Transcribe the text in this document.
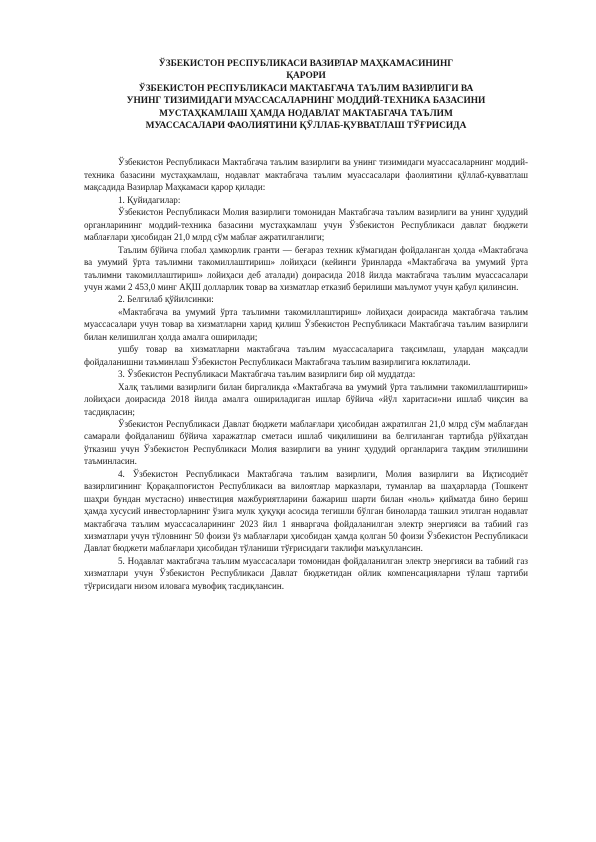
ЎЗБЕКИСТОН РЕСПУБЛИКАСИ ВАЗИРЛАР МАҲКАМАСИНИНГ
ҚАРОРИ
ЎЗБЕКИСТОН РЕСПУБЛИКАСИ МАКТАБГАЧА ТАЪЛИМ ВАЗИРЛИГИ ВА
УНИНГ ТИЗИМИДАГИ МУАССАСАЛАРНИНГ МОДДИЙ-ТЕХНИКА БАЗАСИНИ
МУСТАҲКАМЛАШ ҲАМДА НОДАВЛАТ МАКТАБГАЧА ТАЪЛИМ
МУАССАСАЛАРИ ФАОЛИЯТИНИ ҚЎЛЛАБ-ҚУВВАТЛАШ ТЎҒРИСИДА

Ўзбекистон Республикаси Мактабгача таълим вазирлиги ва унинг тизимидаги муассасаларнинг моддий-техника базасини мустаҳкамлаш, нодавлат мактабгача таълим муассасалари фаолиятини қўллаб-қувватлаш мақсадида Вазирлар Маҳкамаси қарор қилади:

1. Қуйидагилар:

Ўзбекистон Республикаси Молия вазирлиги томонидан Мактабгача таълим вазирлиги ва унинг ҳудудий органларининг моддий-техника базасини мустаҳкамлаш учун Ўзбекистон Республикаси давлат бюджети маблағлари ҳисобидан 21,0 млрд сўм маблағ ажратилганлиги;

Таълим бўйича глобал ҳамкорлик гранти — беғараз техник кўмагидан фойдаланган ҳолда «Мактабгача ва умумий ўрта таълимни такомиллаштириш» лойиҳаси (кейинги ўринларда «Мактабгача ва умумий ўрта таълимни такомиллаштириш» лойиҳаси деб аталади) доирасида 2018 йилда мактабгача таълим муассасалари учун жами 2 453,0 минг АҚШ долларлик товар ва хизматлар етказиб берилиши маълумот учун қабул қилинсин.

2. Белгилаб қўйилсинки:

«Мактабгача ва умумий ўрта таълимни такомиллаштириш» лойиҳаси доирасида мактабгача таълим муассасалари учун товар ва хизматларни харид қилиш Ўзбекистон Республикаси Мактабгача таълим вазирлиги билан келишилган ҳолда амалга оширилади;

ушбу товар ва хизматларни мактабгача таълим муассасаларига тақсимлаш, улардан мақсадли фойдаланишни таъминлаш Ўзбекистон Республикаси Мактабгача таълим вазирлигига юклатилади.

3. Ўзбекистон Республикаси Мактабгача таълим вазирлиги бир ой муддатда:

Халқ таълими вазирлиги билан биргаликда «Мактабгача ва умумий ўрта таълимни такомиллаштириш» лойиҳаси доирасида 2018 йилда амалга ошириладиган ишлар бўйича «йўл харитаси»ни ишлаб чиқсин ва тасдиқласин;

Ўзбекистон Республикаси Давлат бюджети маблағлари ҳисобидан ажратилган 21,0 млрд сўм маблағдан самарали фойдаланиш бўйича харажатлар сметаси ишлаб чиқилишини ва белгиланган тартибда рўйхатдан ўтказиш учун Ўзбекистон Республикаси Молия вазирлиги ва унинг ҳудудий органларига тақдим этилишини таъминласин.

4. Ўзбекистон Республикаси Мактабгача таълим вазирлиги, Молия вазирлиги ва Иқтисодиёт вазирлигининг Қорақалпоғистон Республикаси ва вилоятлар марказлари, туманлар ва шаҳарларда (Тошкент шаҳри бундан мустасно) инвестиция мажбуриятларини бажариш шарти билан «ноль» қийматда бино бериш ҳамда хусусий инвесторларнинг ўзига мулк ҳуқуқи асосида тегишли бўлган биноларда ташкил этилган нодавлат мактабгача таълим муассасаларининг 2023 йил 1 январгача фойдаланилган электр энергияси ва табиий газ хизматлари учун тўловнинг 50 фоизи ўз маблағлари ҳисобидан ҳамда қолган 50 фоизи Ўзбекистон Республикаси Давлат бюджети маблағлари ҳисобидан тўланиши тўғрисидаги таклифи маъқуллансин.

5. Нодавлат мактабгача таълим муассасалари томонидан фойдаланилган электр энергияси ва табиий газ хизматлари учун Ўзбекистон Республикаси Давлат бюджетидан ойлик компенсацияларни тўлаш тартиби тўғрисидаги низом иловага мувофиқ тасдиқлансин.
